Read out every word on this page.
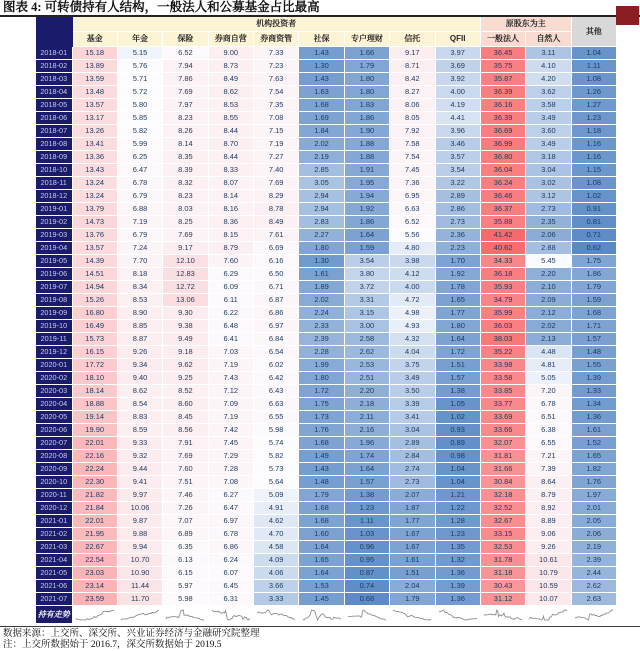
图表 4: 可转债持有人结构，一般法人和公募基金占比最高
	机构投资者									原股东为主		其他
	基金	年金	保险	券商自营	券商资管	社保	专户理财	信托	QFII	一般法人	自然人	
2018-01	15.18	5.15	6.52	9.00	7.33	1.43	1.66	9.17	3.97	36.45	3.11	1.04
2018-02	13.89	5.76	7.94	8.73	7.23	1.30	1.79	8.71	3.69	35.75	4.10	1.11
2018-03	13.59	5.71	7.86	8.49	7.63	1.43	1.80	8.42	3.92	35.87	4.20	1.08
2018-04	13.48	5.72	7.69	8.62	7.54	1.63	1.80	8.27	4.00	36.39	3.62	1.26
2018-05	13.57	5.80	7.97	8.53	7.35	1.68	1.83	8.06	4.19	36.16	3.58	1.27
2018-06	13.17	5.85	8.23	8.55	7.08	1.69	1.86	8.05	4.41	36.39	3.49	1.23
2018-07	13.26	5.82	8.26	8.44	7.15	1.84	1.90	7.92	3.96	36.69	3.60	1.18
2018-08	13.41	5.99	8.14	8.70	7.19	2.02	1.88	7.58	3.46	36.99	3.49	1.16
2018-09	13.36	6.25	8.35	8.44	7.27	2.19	1.88	7.54	3.57	36.80	3.18	1.16
2018-10	13.43	6.47	8.39	8.33	7.40	2.85	1.91	7.45	3.54	36.04	3.04	1.15
2018-11	13.24	6.78	8.32	8.07	7.69	3.05	1.95	7.36	3.22	36.24	3.02	1.08
2018-12	13.24	6.79	8.23	8.14	8.29	2.94	1.94	6.95	2.89	36.46	3.12	1.02
2019-01	13.79	6.88	8.03	8.16	8.78	2.94	1.92	6.63	2.86	36.37	2.73	0.91
2019-02	14.73	7.19	8.25	8.36	8.49	2.83	1.86	6.52	2.73	35.88	2.35	0.81
2019-03	13.76	6.79	7.69	8.15	7.61	2.27	1.64	5.56	2.36	41.42	2.06	0.71
2019-04	13.57	7.24	9.17	8.79	6.69	1.80	1.59	4.80	2.23	40.62	2.88	0.62
2019-05	14.39	7.70	12.10	7.60	6.16	1.30	3.54	3.98	1.70	34.33	5.45	1.75
2019-06	14.51	8.18	12.83	6.29	6.50	1.61	3.80	4.12	1.92	36.18	2.20	1.86
2019-07	14.94	8.34	12.72	6.09	6.71	1.89	3.72	4.00	1.78	35.93	2.10	1.79
2019-08	15.26	8.53	13.06	6.11	6.87	2.02	3.31	4.72	1.65	34.79	2.09	1.59
2019-09	16.80	8.90	9.30	6.22	6.86	2.24	3.15	4.98	1.77	35.99	2.12	1.68
2019-10	16.49	8.85	9.38	6.48	6.97	2.33	3.00	4.93	1.80	36.03	2.02	1.71
2019-11	15.73	8.87	9.49	6.41	6.84	2.39	2.58	4.32	1.64	38.03	2.13	1.57
2019-12	16.15	9.26	9.18	7.03	6.54	2.28	2.62	4.04	1.72	35.22	4.48	1.48
2020-01	17.72	9.34	9.62	7.19	6.02	1.99	2.53	3.75	1.51	33.98	4.81	1.55
2020-02	18.10	9.40	9.25	7.43	6.42	1.80	2.51	3.49	1.57	33.58	5.05	1.39
2020-03	18.14	8.62	8.52	7.12	6.43	1.72	2.20	3.50	1.38	33.85	7.20	1.33
2020-04	18.88	8.54	8.60	7.09	6.63	1.75	2.18	3.39	1.05	33.77	6.78	1.34
2020-05	19.14	8.83	8.45	7.19	6.55	1.73	2.11	3.41	1.02	33.69	6.51	1.36
2020-06	19.90	8.59	8.56	7.42	5.98	1.76	2.16	3.04	0.93	33.66	6.38	1.61
2020-07	22.01	9.33	7.91	7.45	5.74	1.68	1.96	2.89	0.89	32.07	6.55	1.52
2020-08	22.16	9.32	7.69	7.29	5.82	1.49	1.74	2.84	0.98	31.81	7.21	1.65
2020-09	22.24	9.44	7.60	7.28	5.73	1.43	1.64	2.74	1.04	31.66	7.39	1.82
2020-10	22.30	9.41	7.51	7.08	5.64	1.48	1.57	2.73	1.04	30.84	8.64	1.76
2020-11	21.82	9.97	7.46	6.27	5.09	1.79	1.38	2.07	1.21	32.18	8.79	1.97
2020-12	21.84	10.06	7.26	6.47	4.91	1.68	1.23	1.87	1.22	32.52	8.92	2.01
2021-01	22.01	9.87	7.07	6.97	4.62	1.68	1.11	1.77	1.28	32.67	8.89	2.05
2021-02	21.95	9.88	6.89	6.78	4.70	1.60	1.03	1.67	1.23	33.15	9.06	2.06
2021-03	22.67	9.94	6.35	6.86	4.58	1.64	0.96	1.67	1.35	32.53	9.26	2.19
2021-04	22.54	10.70	6.13	6.24	4.09	1.65	0.95	1.61	1.32	31.78	10.61	2.39
2021-05	23.03	10.90	6.15	6.07	4.06	1.64	0.87	1.51	1.36	31.18	10.79	2.44
2021-06	23.14	11.44	5.97	6.45	3.66	1.53	0.74	2.04	1.39	30.43	10.59	2.62
2021-07	23.59	11.70	5.98	6.31	3.33	1.45	0.68	1.79	1.36	31.12	10.07	2.63
持有走势	

数据来源：上交所、深交所、兴业证券经济与金融研究院整理
注：上交所数据始于 2016.7，深交所数据始于 2019.5
